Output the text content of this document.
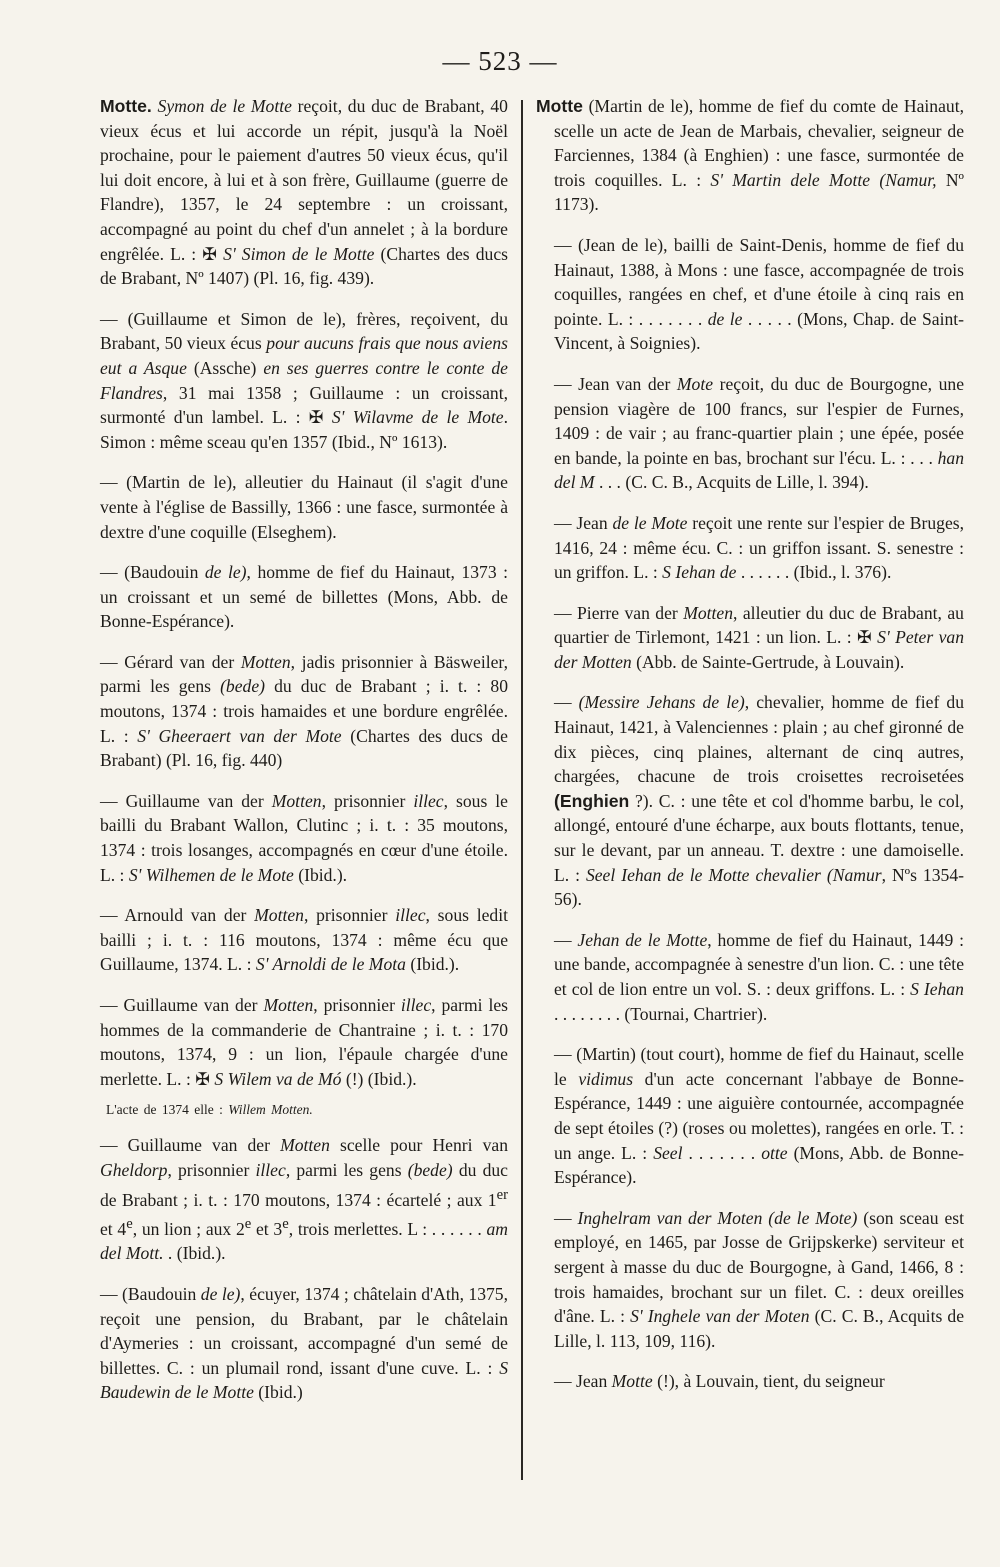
— 523 —

Motte. Symon de le Motte reçoit, du duc de Brabant, 40 vieux écus et lui accorde un répit, jusqu'à la Noël prochaine, pour le paiement d'autres 50 vieux écus, qu'il lui doit encore, à lui et à son frère, Guillaume (guerre de Flandre), 1357, le 24 septembre : un croissant, accompagné au point du chef d'un annelet ; à la bordure engrêlée. L. : ✠ S' Simon de le Motte (Chartes des ducs de Brabant, Nº 1407) (Pl. 16, fig. 439).

— (Guillaume et Simon de le), frères, reçoivent, du Brabant, 50 vieux écus pour aucuns frais que nous aviens eut a Asque (Assche) en ses guerres contre le conte de Flandres, 31 mai 1358 ; Guillaume : un croissant, surmonté d'un lambel. L. : ✠ S' Wilavme de le Mote. Simon : même sceau qu'en 1357 (Ibid., Nº 1613).

— (Martin de le), alleutier du Hainaut (il s'agit d'une vente à l'église de Bassilly, 1366 : une fasce, surmontée à dextre d'une coquille (Elseghem).

— (Baudouin de le), homme de fief du Hainaut, 1373 : un croissant et un semé de billettes (Mons, Abb. de Bonne-Espérance).

— Gérard van der Motten, jadis prisonnier à Bäsweiler, parmi les gens (bede) du duc de Brabant ; i. t. : 80 moutons, 1374 : trois hamaides et une bordure engrêlée. L. : S' Gheeraert van der Mote (Chartes des ducs de Brabant) (Pl. 16, fig. 440)

— Guillaume van der Motten, prisonnier illec, sous le bailli du Brabant Wallon, Clutinc ; i. t. : 35 moutons, 1374 : trois losanges, accompagnés en cœur d'une étoile. L. : S' Wilhemen de le Mote (Ibid.).

— Arnould van der Motten, prisonnier illec, sous ledit bailli ; i. t. : 116 moutons, 1374 : même écu que Guillaume, 1374. L. : S' Arnoldi de le Mota (Ibid.).

— Guillaume van der Motten, prisonnier illec, parmi les hommes de la commanderie de Chantraine ; i. t. : 170 moutons, 1374, 9 : un lion, l'épaule chargée d'une merlette. L. : ✠ S Wilem va de Mó (!) (Ibid.).

L'acte de 1374 elle : Willem Motten.

— Guillaume van der Motten scelle pour Henri van Gheldorp, prisonnier illec, parmi les gens (bede) du duc de Brabant ; i. t. : 170 moutons, 1374 : écartelé ; aux 1er et 4e, un lion ; aux 2e et 3e, trois merlettes. L : . . . . . . am del Mott. . (Ibid.).

— (Baudouin de le), écuyer, 1374 ; châtelain d'Ath, 1375, reçoit une pension, du Brabant, par le châtelain d'Aymeries : un croissant, accompagné d'un semé de billettes. C. : un plumail rond, issant d'une cuve. L. : S Baudewin de le Motte (Ibid.)

Motte (Martin de le), homme de fief du comte de Hainaut, scelle un acte de Jean de Marbais, chevalier, seigneur de Farciennes, 1384 (à Enghien) : une fasce, surmontée de trois coquilles. L. : S' Martin dele Motte (Namur, Nº 1173).

— (Jean de le), bailli de Saint-Denis, homme de fief du Hainaut, 1388, à Mons : une fasce, accompagnée de trois coquilles, rangées en chef, et d'une étoile à cinq rais en pointe. L. : . . . . . . . de le . . . . . (Mons, Chap. de Saint-Vincent, à Soignies).

— Jean van der Mote reçoit, du duc de Bourgogne, une pension viagère de 100 francs, sur l'espier de Furnes, 1409 : de vair ; au franc-quartier plain ; une épée, posée en bande, la pointe en bas, brochant sur l'écu. L. : . . . han del M . . . (C. C. B., Acquits de Lille, l. 394).

— Jean de le Mote reçoit une rente sur l'espier de Bruges, 1416, 24 : même écu. C. : un griffon issant. S. senestre : un griffon. L. : S Iehan de . . . . . . (Ibid., l. 376).

— Pierre van der Motten, alleutier du duc de Brabant, au quartier de Tirlemont, 1421 : un lion. L. : ✠ S' Peter van der Motten (Abb. de Sainte-Gertrude, à Louvain).

— (Messire Jehans de le), chevalier, homme de fief du Hainaut, 1421, à Valenciennes : plain ; au chef gironné de dix pièces, cinq plaines, alternant de cinq autres, chargées, chacune de trois croisettes recroisetées (Enghien ?). C. : une tête et col d'homme barbu, le col, allongé, entouré d'une écharpe, aux bouts flottants, tenue, sur le devant, par un anneau. T. dextre : une damoiselle. L. : Seel Iehan de le Motte chevalier (Namur, Nºs 1354-56).

— Jehan de le Motte, homme de fief du Hainaut, 1449 : une bande, accompagnée à senestre d'un lion. C. : une tête et col de lion entre un vol. S. : deux griffons. L. : S Iehan . . . . . . . . (Tournai, Chartrier).

— (Martin) (tout court), homme de fief du Hainaut, scelle le vidimus d'un acte concernant l'abbaye de Bonne-Espérance, 1449 : une aiguière contournée, accompagnée de sept étoiles (?) (roses ou molettes), rangées en orle. T. : un ange. L. : Seel . . . . . . . otte (Mons, Abb. de Bonne-Espérance).

— Inghelram van der Moten (de le Mote) (son sceau est employé, en 1465, par Josse de Grijpskerke) serviteur et sergent à masse du duc de Bourgogne, à Gand, 1466, 8 : trois hamaides, brochant sur un filet. C. : deux oreilles d'âne. L. : S' Inghele van der Moten (C. C. B., Acquits de Lille, l. 113, 109, 116).

— Jean Motte (!), à Louvain, tient, du seigneur
